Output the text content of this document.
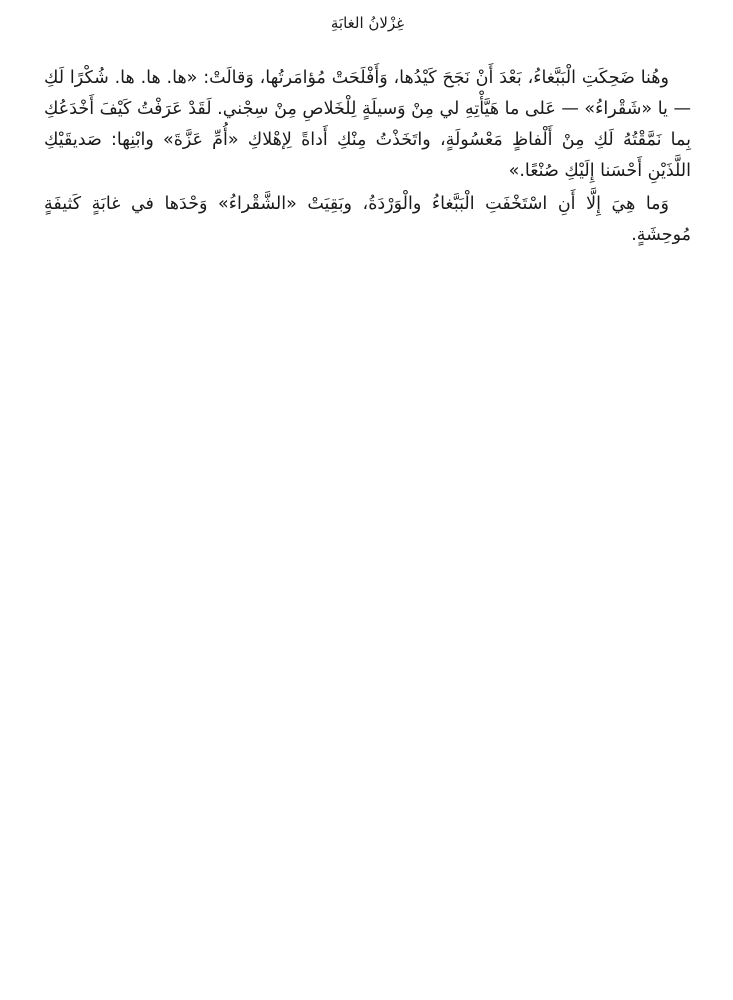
غِزْلانُ الغابَةِ

وهُنا ضَحِكَتِ الْبَبَّغاءُ، بَعْدَ أَنْ نَجَحَ كَيْدُها، وَأَفْلَحَتْ مُؤامَرتُها، وَقالَتْ: «ها. ها. ها. شُكْرًا لَكِ — يا «شَقْراءُ» — عَلى ما هَيَّأْتِهِ لي مِنْ وَسيلَةٍ لِلْخَلاصِ مِنْ سِجْني. لَقَدْ عَرَفْتُ كَيْفَ أَخْدَعُكِ بِما نَمَّقْتُهُ لَكِ مِنْ أَلْفاظٍ مَعْسُولَةٍ، واتَخَذْتُ مِنْكِ أَداةً لِإهْلاكِ «أُمِّ عَزَّةَ» وابْنِها: صَديقَيْكِ اللَّذَيْنِ أَحْسَنا إِلَيْكِ صُنْعًا.»

وَما هِيَ إِلَّا أَنِ اسْتَخْفَتِ الْبَبَّغاءُ والْوَرْدَةُ، وبَقِيَتْ «الشَّقْراءُ» وَحْدَها في غابَةٍ كَثيفَةٍ مُوحِشَةٍ.
